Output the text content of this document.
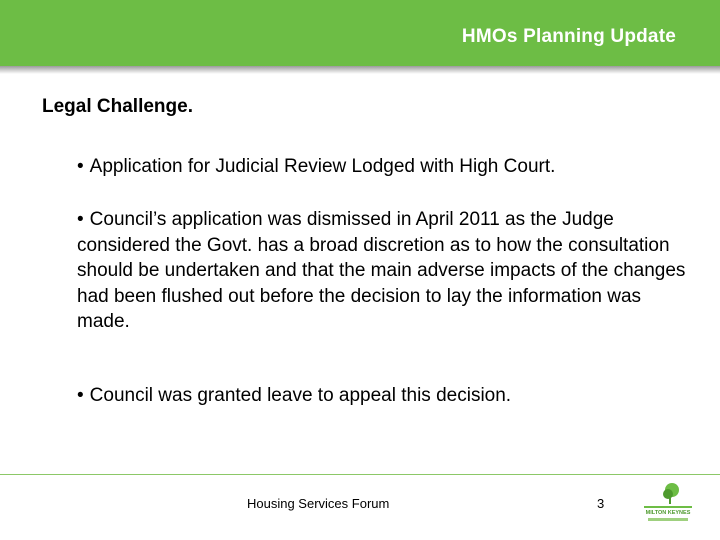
HMOs Planning Update
Legal Challenge.
• Application for Judicial Review Lodged with High Court.
• Council’s application was dismissed in April 2011 as the Judge considered the Govt. has a broad discretion as to how the consultation should be undertaken and that the main adverse impacts of the changes had been flushed out before the decision to lay the information was made.
• Council was granted leave to appeal this decision.
Housing Services Forum	3
MILTON KEYNES
